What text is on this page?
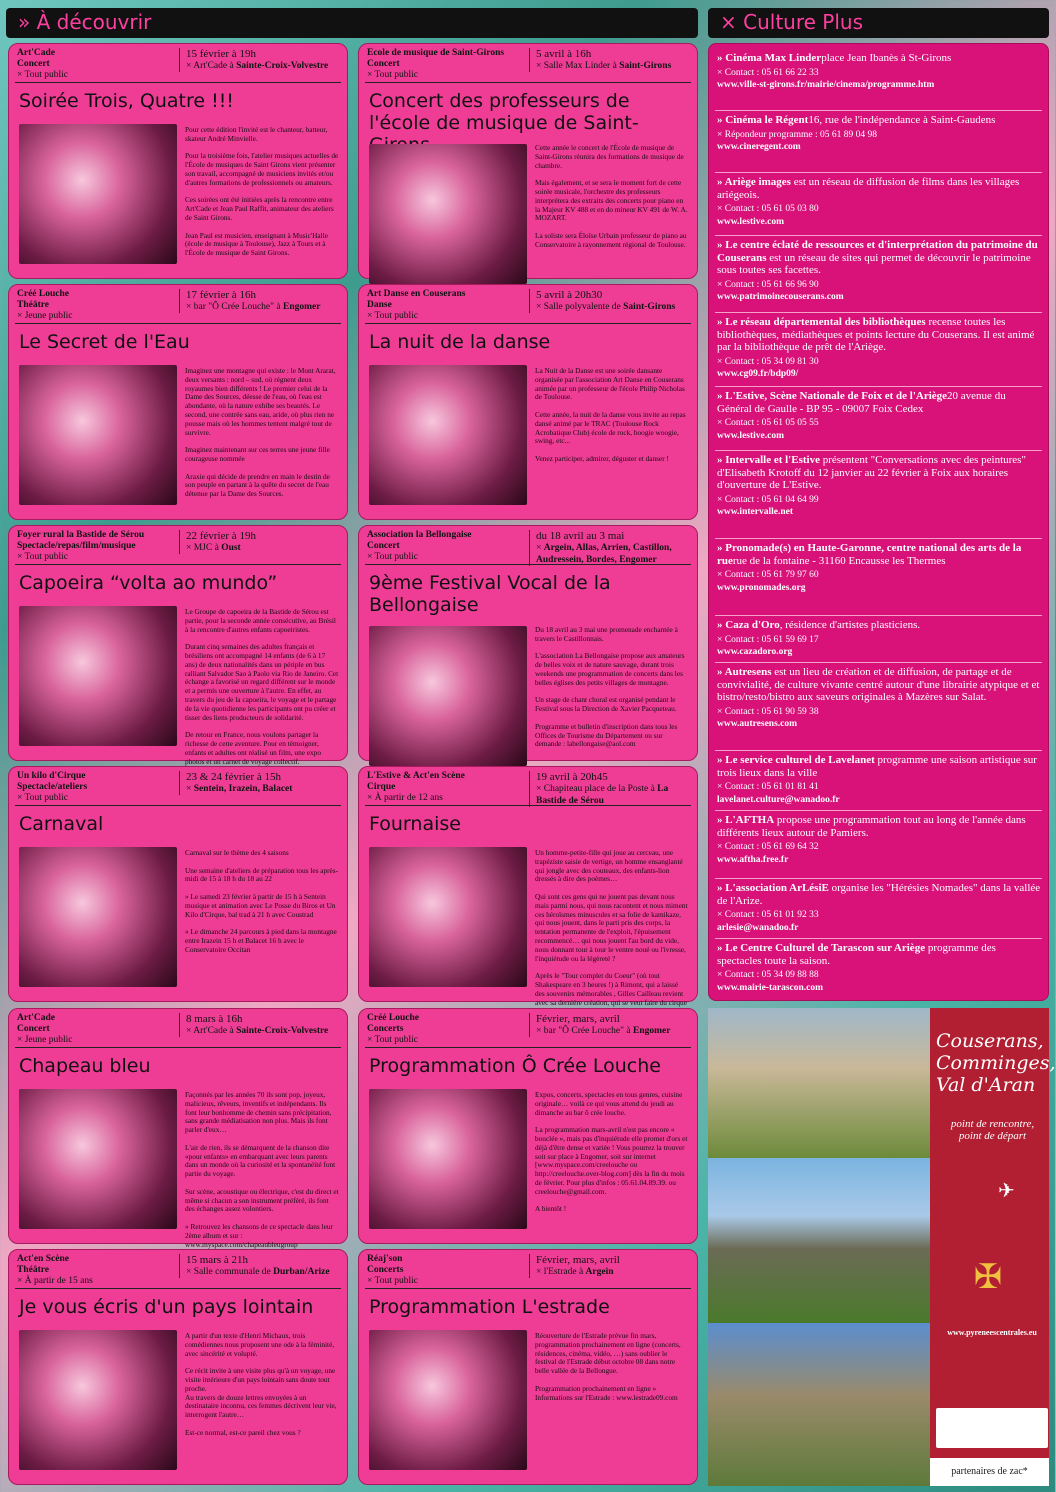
» À découvrir	× Culture Plus
Art'Cade
Concert
× Tout public
15 février à 19h
× Art'Cade à Sainte-Croix-Volvestre
Soirée Trois, Quatre !!!
Pour cette édition l'invité est le chanteur, batteur, skateur André Minvielle.

Pour la troisième fois, l'atelier musiques actuelles de l'École de musiques de Saint Girons vient présenter son travail, accompagné de musiciens invités et/ou d'autres formations de professionnels ou amateurs.

Ces soirées ont été initiées après la rencontre entre Art'Cade et Jean Paul Raffit, animateur des ateliers de Saint Girons.

Jean Paul est musicien, enseignant à Music'Halle (école de musique à Toulouse), Jazz à Tours et à l'École de musique de Saint Girons.
Ecole de musique de Saint-Girons
Concert
× Tout public
5 avril à 16h
× Salle Max Linder à Saint-Girons
Concert des professeurs de l'école de musique de Saint-
Cette année le concert de l'École de musique de Saint-Girons réunira des formations de musique de chambre.

Mais également, et se sera le moment fort de cette soirée musicale, l'orchestre des professeurs interprétera des extraits des concerts pour piano en la Majeur KV 488 et en do mineur KV 491 de W. A. MOZART.

La soliste sera Éloïse Urbain professeur de piano au Conservatoire à rayonnement régional de Toulouse.
Créé Louche
Théâtre
× Jeune public
17 février à 16h
× bar "Ô Crée Louche" à Engomer
Le Secret de l'Eau
Imaginez une montagne qui existe : le Mont Ararat, deux versants : nord – sud, où régnent deux royaumes bien différents ! Le premier celui de la Dame des Sources, déesse de l'eau, où l'eau est abondante, où la nature exhibe ses beautés. Le second, une contrée sans eau, aride, où plus rien ne pousse mais où les hommes tentent malgré tout de survivre.

Imaginez maintenant sur ces terres une jeune fille courageuse nommée

Araxie qui décide de prendre en main le destin de son peuple en partant à la quête du secret de l'eau détenue par la Dame des Sources.
Art Danse en Couserans
Danse
× Tout public
5 avril à 20h30
× Salle polyvalente de Saint-Girons
La nuit de la danse
La Nuit de la Danse est une soirée dansante organisée par l'association Art Danse en Couserans animée par un professeur de l'école Philip Nicholas de Toulouse.

Cette année, la nuit de la danse vous invite au repas dansé animé par le TRAC (Toulouse Rock Acrobatique Club) école de rock, boogie woogie, swing, etc...

Venez participer, admirer, déguster et danser !
Foyer rural la Bastide de Sérou
Spectacle/repas/film/musique
× Tout public
22 février à 19h
× MJC à Oust
Capoeira “volta ao mundo”
Le Groupe de capoeira de la Bastide de Sérou est partie, pour la seconde année consécutive, au Brésil à la rencontre d'autres enfants capoeiristes.

Durant cinq semaines des adultes français et brésiliens ont accompagné 14 enfants (de 6 à 17 ans) de deux nationalités dans un périple en bus ralliant Salvador Sao à Paolo via Rio de Janeiro. Cet échange a favorisé un regard différent sur le monde et a permis une ouverture à l'autre. En effet, au travers du jeu de la capoeira, le voyage et le partage de la vie quotidienne les participants ont pu créer et tisser des liens producteurs de solidarité.

De retour en France, nous voulons partager la richesse de cette aventure. Pour en témoigner, enfants et adultes ont réalisé un film, une expo photos et un carnet de voyage collectif.
Association la Bellongaise
Concert
× Tout public
du 18 avril au 3 mai
× Argein, Allas, Arrien, Castillon, Audressein, Bordes, Engomer
9ème Festival Vocal de la Bellongaise
Du 18 avril au 3 mai une promenade enchantée à travers le Castillonnais.

L'association La Bellongaise propose aux amateurs de belles voix et de nature sauvage, durant trois weekends une programmation de concerts dans les belles églises des petits villages de montagne.

Un stage de chant choral est organisé pendant le Festival sous la Direction de Xavier Pacqueteau.

Programme et bulletin d'inscription dans tous les Offices de Tourisme du Département ou sur demande : labellongaise@aol.com
Un kilo d'Cirque
Spectacle/ateliers
× Tout public
23 & 24 février à 15h
× Sentein, Irazein, Balacet
Carnaval
Carnaval sur le thème des 4 saisons

Une semaine d'ateliers de préparation tous les après-midi de 15 à 18 h du 18 au 22

» Le samedi 23 février à partir de 15 h à Sentein musique et animation avec Le Posse du Biros et Un Kilo d'Cirque, bal trad à 21 h avec Coustrad

» Le dimanche 24 parcours à pied dans la montagne entre Irazein 15 h et Balacet 16 h avec le Conservatoire Occitan
L'Estive & Act'en Scène
Cirque
× À partir de 12 ans
19 avril à 20h45
× Chapiteau place de la Poste à La Bastide de Sérou
Fournaise
Un homme-petite-fille qui joue au cerceau, une trapéziste saisie de vertige, un homme ensanglanté qui jongle avec des couteaux, des enfants-lion dressés à dire des poèmes…

Qui sont ces gens qui ne jouent pas devant nous mais parmi nous, qui nous racontent et nous miment ces héroïsmes minuscules et sa folie de kamikaze, qui nous jouent, dans le parti pris des corps, la tentation permanente de l'exploit, l'épuisement recommencé… qui nous jouent l'au bord du vide, nous donnant tour à tour le ventre noué ou l'ivresse, l'inquiétude ou la légèreté ?

Après le "Tour complet du Coeur" (où tout Shakespeare en 3 heures !) à Rimont, qui a laissé des souvenirs mémorables , Gilles Cailleau revient avec sa dernière création, qui se veut faire du cirque
Art'Cade
Concert
× Jeune public
8 mars à 16h
× Art'Cade à Sainte-Croix-Volvestre
Chapeau bleu
Façonnés par les années 70 ils sont pop, joyeux, malicieux, rêveurs, inventifs et indépendants. Ils font leur bonhomme de chemin sans précipitation, sans grande médiatisation non plus. Mais ils font parler d'eux…

L'air de rien, ils se démarquent de la chanson dite «pour enfants» en embarquant avec leurs parents dans un monde où la curiosité et la spontanéité font partie du voyage.

Sur scène, acoustique ou électrique, c'est du direct et même si chacun a son instrument préféré, ils font des échanges assez volontiers.

» Retrouvez les chansons de ce spectacle dans leur 2ème album et sur : www.myspace.com/chapeaubleugroup
Créé Louche
Concerts
× Tout public
Février, mars, avril
× bar "Ô Crée Louche" à Engomer
Programmation Ô Crée Louche
Expos, concerts, spectacles en tous genres, cuisine originale… voilà ce qui vous attend du jeudi au dimanche au bar ô crée louche.

La programmation mars-avril n'est pas encore « bouclée », mais pas d'inquiétude elle promet d'ors et déjà d'être dense et variée ! Vous pourrez la trouver soit sur place à Engomer, soit sur internet [www.myspace.com/creelouche ou http://creelouche.over-blog.com] dès la fin du mois de février. Pour plus d'infos : 05.61.04.89.39. ou creelouche@gmail.com.

A bientôt !
Act'en Scène
Théâtre
× À partir de 15 ans
15 mars à 21h
× Salle communale de Durban/Arize
Je vous écris d'un pays lointain
A partir d'un texte d'Henri Michaux, trois comédiennes nous proposent une ode à la féminité, avec sincérité et volupté.

Ce récit invite à une visite plus qu'à un voyage, une visite intérieure d'un pays lointain sans doute tout proche.
Au travers de douze lettres envoyées à un destinataire inconnu, ces femmes décrivent leur vie, interrogent l'autre…

Est-ce normal, est-ce pareil chez vous ?
Réaj'son
Concerts
× Tout public
Février, mars, avril
× l'Estrade à Argein
Programmation L'estrade
Réouverture de l'Estrade prévue fin mars, programmation prochainement en ligne (concerts, résidences, cinéma, vidéo, …) sans oublier le festival de l'Estrade début octobre 08 dans notre belle vallée de la Bellongue.

Programmation prochainement en ligne » Informations sur l'Estrade : www.lestrade09.com
» Cinéma Max Linderplace Jean Ibanès à St-Girons
× Contact : 05 61 66 22 33
www.ville-st-girons.fr/mairie/cinema/programme.htm
» Cinéma le Régent16, rue de l'indépendance à Saint-Gaudens
× Répondeur programme : 05 61 89 04 98
www.cineregent.com
» Ariège images est un réseau de diffusion de films dans les villages ariégeois.
× Contact : 05 61 05 03 80
www.lestive.com
» Le centre éclaté de ressources et d'interprétation du patrimoine du Couserans est un réseau de sites qui permet de découvrir le patrimoine sous toutes ses facettes.
× Contact : 05 61 66 96 90
www.patrimoinecouserans.com
» Le réseau départemental des bibliothèques recense toutes les bibliothèques, médiathèques et points lecture du Couserans. Il est animé par la bibliothèque de prêt de l'Ariège.
× Contact : 05 34 09 81 30
www.cg09.fr/bdp09/
» L'Estive, Scène Nationale de Foix et de l'Ariège20 avenue du Général de Gaulle - BP 95 - 09007 Foix Cedex
× Contact : 05 61 05 05 55
www.lestive.com
» Intervalle et l'Estive présentent "Conversations avec des peintures" d'Elisabeth Krotoff du 12 janvier au 22 février à Foix aux horaires d'ouverture de L'Estive.
× Contact : 05 61 04 64 99
www.intervalle.net
» Pronomade(s) en Haute-Garonne, centre national des arts de la ruerue de la fontaine - 31160 Encausse les Thermes
× Contact : 05 61 79 97 60
www.pronomades.org
» Caza d'Oro, résidence d'artistes plasticiens.
× Contact : 05 61 59 69 17
www.cazadoro.org
» Autresens est un lieu de création et de diffusion, de partage et de convivialité, de culture vivante centré autour d'une librairie atypique et et bistro/resto/bistro aux saveurs originales à Mazères sur Salat.
× Contact : 05 61 90 59 38
www.autresens.com
» Le service culturel de Lavelanet programme une saison artistique sur trois lieux dans la ville
× Contact : 05 61 01 81 41
lavelanet.culture@wanadoo.fr
» L'AFTHA propose une programmation tout au long de l'année dans différents lieux autour de Pamiers.
× Contact : 05 61 69 64 32
www.aftha.free.fr
» L'association ArLésiE organise les "Hérésies Nomades" dans la vallée de l'Arize.
× Contact : 05 61 01 92 33
arlesie@wanadoo.fr
» Le Centre Culturel de Tarascon sur Ariège programme des spectacles toute la saison.
× Contact : 05 34 09 88 88
www.mairie-tarascon.com
Couserans, Comminges, Val d'Aran
point de rencontre, point de départ
✈
✠
www.pyreneescentrales.eu
partenaires de zac*
